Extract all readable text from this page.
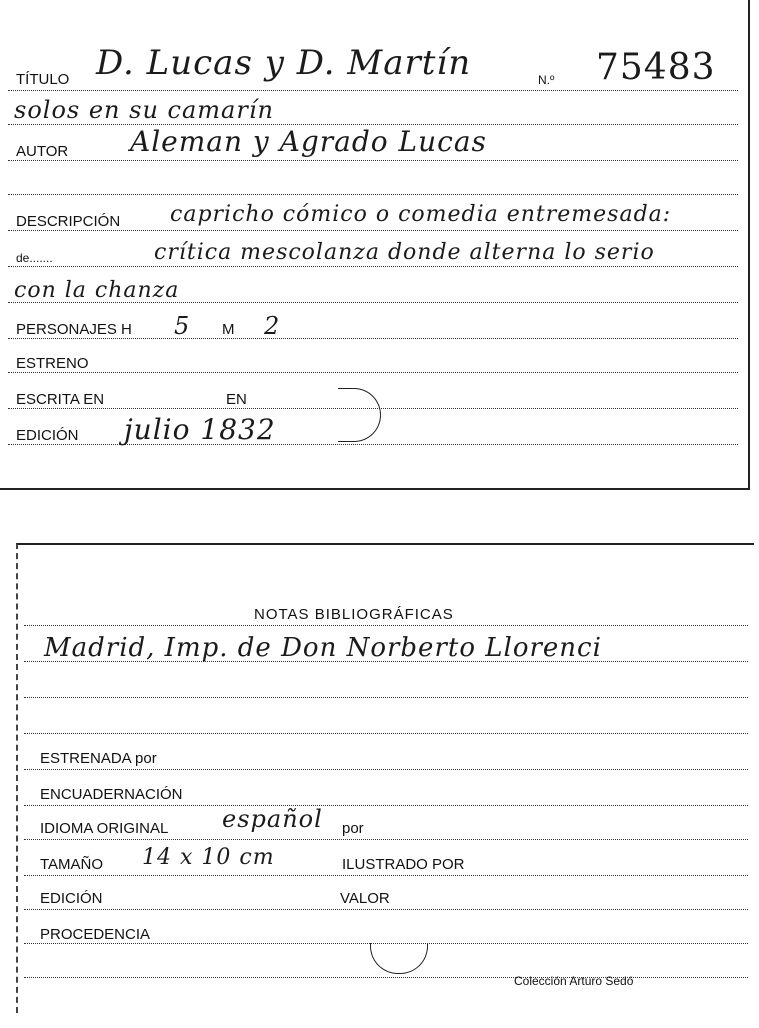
TÍTULO D. Lucas y D. Martín	N.º 75483
solos en su camarín
AUTOR Aleman y Agrado Lucas
DESCRIPCIÓN capricho cómico o comedia entremesada:
de.......	crítica mescolanza donde alterna lo serio
con la chanza
PERSONAJES H 5 M 2
ESTRENO
ESCRITA EN	EN
EDICIÓN julio 1832
NOTAS BIBLIOGRÁFICAS
Madrid, Imp. de Don Norberto Llorenci
ESTRENADA por
ENCUADERNACIÓN
IDIOMA ORIGINAL español por
TAMAÑO 14 x 10 cm	ILUSTRADO POR
EDICIÓN	VALOR
PROCEDENCIA
Colección Arturo Sedó
